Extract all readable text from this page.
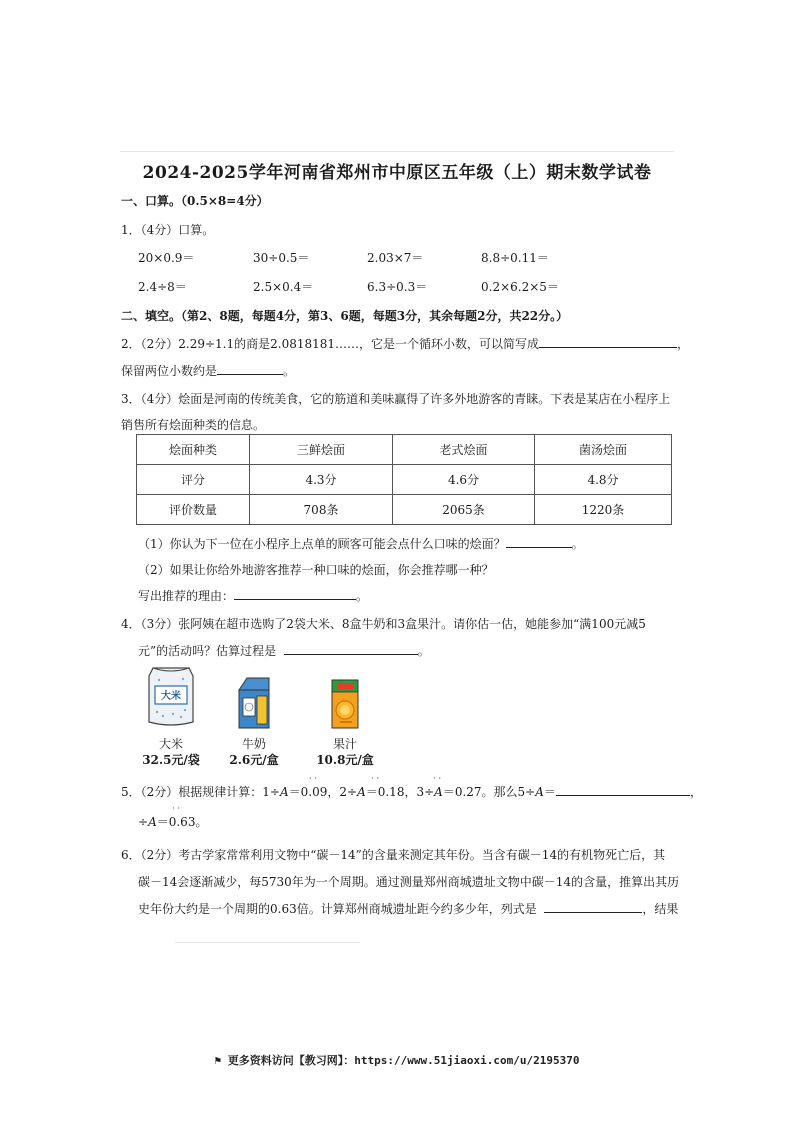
2024-2025学年河南省郑州市中原区五年级（上）期末数学试卷
一、口算。（0.5×8=4分）
1．（4分）口算。
20×0.9＝	30÷0.5＝	2.03×7＝	8.8÷0.11＝
2.4÷8＝	2.5×0.4＝	6.3÷0.3＝	0.2×6.2×5＝
二、填空。（第2、8题，每题4分，第3、6题，每题3分，其余每题2分，共22分。）
2．（2分）2.29÷1.1的商是2.0818181……，它是一个循环小数，可以简写成	，
保留两位小数约是	。
3．（4分）烩面是河南的传统美食，它的筋道和美味赢得了许多外地游客的青睐。下表是某店在小程序上
销售所有烩面种类的信息。
烩面种类	三鲜烩面	老式烩面	菌汤烩面
评分	4.3分	4.6分	4.8分
评价数量	708条	2065条	1220条
（1）你认为下一位在小程序上点单的顾客可能会点什么口味的烩面？	。
（2）如果让你给外地游客推荐一种口味的烩面，你会推荐哪一种？
写出推荐的理由：	。
4．（3分）张阿姨在超市选购了2袋大米、8盒牛奶和3盒果汁。请你估一估，她能参加“满100元减5
元”的活动吗？估算过程是	。
大米
大米
32.5元/袋
牛奶
2.6元/盒
果汁
10.8元/盒
5．（2分）根据规律计算：1÷A＝0.09，2÷A＝0.18，3÷A＝0.27。那么5÷A＝	，
··	··	··
÷A＝0.63。
··
6．（2分）考古学家常常利用文物中“碳－14”的含量来测定其年份。当含有碳－14的有机物死亡后，其
碳－14会逐渐减少，每5730年为一个周期。通过测量郑州商城遗址文物中碳－14的含量，推算出其历
史年份大约是一个周期的0.63倍。计算郑州商城遗址距今约多少年，列式是	，结果
⚑ 更多资料访问【教习网】：https://www.51jiaoxi.com/u/2195370
